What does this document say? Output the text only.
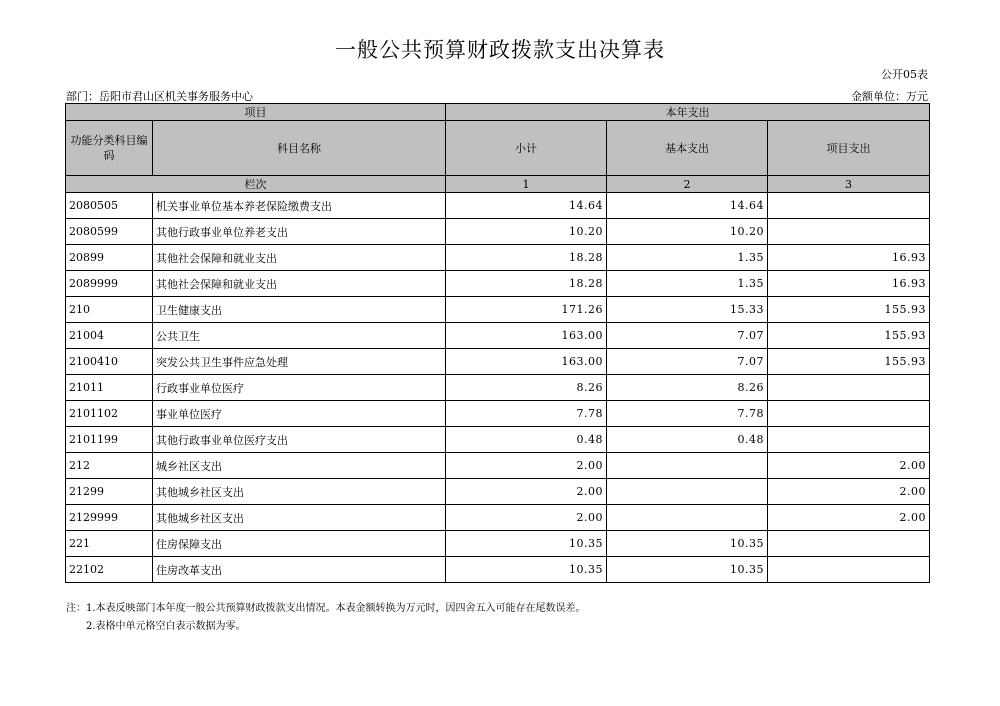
一般公共预算财政拨款支出决算表
公开05表
部门：岳阳市君山区机关事务服务中心	金额单位：万元
项目		本年支出		
功能分类科目编码	科目名称	小计	基本支出	项目支出
栏次		1	2	3
2080505	机关事业单位基本养老保险缴费支出	14.64	14.64	
2080599	其他行政事业单位养老支出	10.20	10.20	
20899	其他社会保障和就业支出	18.28	1.35	16.93
2089999	其他社会保障和就业支出	18.28	1.35	16.93
210	卫生健康支出	171.26	15.33	155.93
21004	公共卫生	163.00	7.07	155.93
2100410	突发公共卫生事件应急处理	163.00	7.07	155.93
21011	行政事业单位医疗	8.26	8.26	
2101102	事业单位医疗	7.78	7.78	
2101199	其他行政事业单位医疗支出	0.48	0.48	
212	城乡社区支出	2.00		2.00
21299	其他城乡社区支出	2.00		2.00
2129999	其他城乡社区支出	2.00		2.00
221	住房保障支出	10.35	10.35	
22102	住房改革支出	10.35	10.35	
注：1.本表反映部门本年度一般公共预算财政拨款支出情况。本表金额转换为万元时，因四舍五入可能存在尾数误差。
2.表格中单元格空白表示数据为零。
